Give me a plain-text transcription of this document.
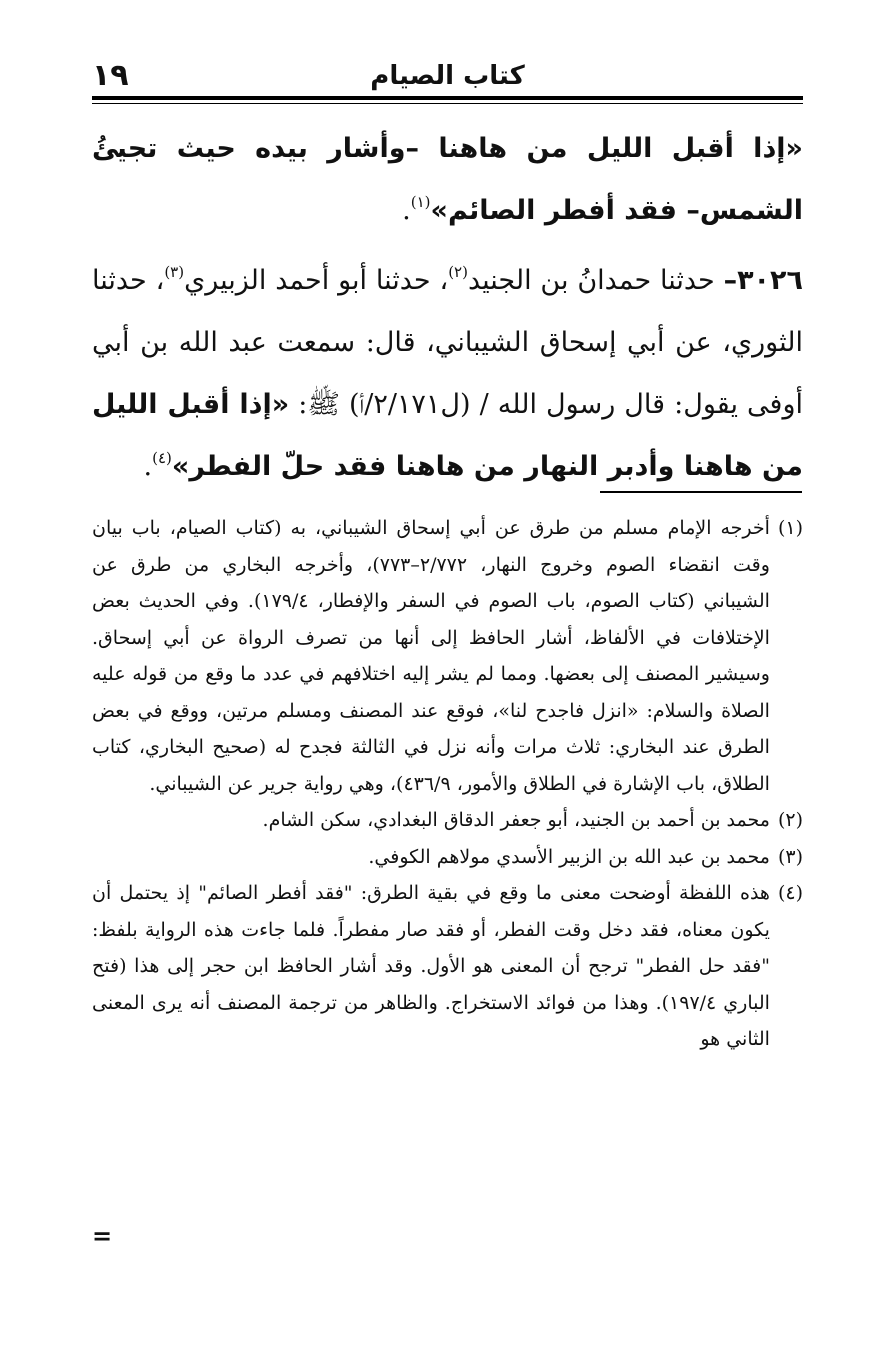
١٩	كتاب الصيام

«إذا أقبل الليل من هاهنا –وأشار بيده حيث تجيئُ الشمس– فقد أفطر الصائم»$^{(١)}$.

٣٠٢٦– حدثنا حمدانُ بن الجنيد$^{(٢)}$، حدثنا أبو أحمد الزبيري$^{(٣)}$، حدثنا الثوري، عن أبي إسحاق الشيباني، قال: سمعت عبد الله بن أبي أوفى يقول: قال رسول الله / (ل٢/١٧١/أ) ﷺ: «إذا أقبل الليل من هاهنا وأدبر النهار من هاهنا فقد حلّ الفطر»$^{(٤)}$.

(١)
أخرجه الإمام مسلم من طرق عن أبي إسحاق الشيباني، به (كتاب الصيام، باب بيان وقت انقضاء الصوم وخروج النهار، ٢/٧٧٢–٧٧٣)، وأخرجه البخاري من طرق عن الشيباني (كتاب الصوم، باب الصوم في السفر والإفطار، ١٧٩/٤). وفي الحديث بعض الإختلافات في الألفاظ، أشار الحافظ إلى أنها من تصرف الرواة عن أبي إسحاق. وسيشير المصنف إلى بعضها. ومما لم يشر إليه اختلافهم في عدد ما وقع من قوله عليه الصلاة والسلام: «انزل فاجدح لنا»، فوقع عند المصنف ومسلم مرتين، ووقع في بعض الطرق عند البخاري: ثلاث مرات وأنه نزل في الثالثة فجدح له (صحيح البخاري، كتاب الطلاق، باب الإشارة في الطلاق والأمور، ٤٣٦/٩)، وهي رواية جرير عن الشيباني.

(٢)
محمد بن أحمد بن الجنيد، أبو جعفر الدقاق البغدادي، سكن الشام.

(٣)
محمد بن عبد الله بن الزبير الأسدي مولاهم الكوفي.

(٤)
هذه اللفظة أوضحت معنى ما وقع في بقية الطرق: "فقد أفطر الصائم" إذ يحتمل أن يكون معناه، فقد دخل وقت الفطر، أو فقد صار مفطراً. فلما جاءت هذه الرواية بلفظ: "فقد حل الفطر" ترجح أن المعنى هو الأول. وقد أشار الحافظ ابن حجر إلى هذا (فتح الباري ١٩٧/٤). وهذا من فوائد الاستخراج. والظاهر من ترجمة المصنف أنه يرى المعنى الثاني هو

=
